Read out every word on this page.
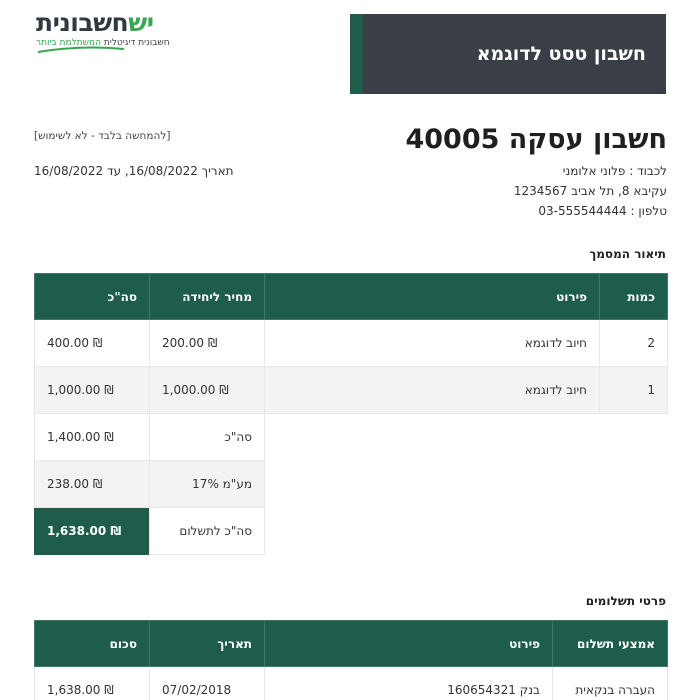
ישחשבונית
חשבונית דיגיטלית המשתלמת ביותר	חשבון טסט לדוגמא
חשבון עסקה 40005
לכבוד : פלוני אלומני
עקיבא 8, תל אביב 1234567
טלפון : 03-555544444
[להמחשה בלבד - לא לשימוש]
תאריך 16/08/2022, עד 16/08/2022
תיאור המסמך
כמות	פירוט	מחיר ליחידה	סה"כ
2	חיוב לדוגמא	₪ 200.00	₪ 400.00
1	חיוב לדוגמא	₪ 1,000.00	₪ 1,000.00
		סה"כ	₪ 1,400.00
		מע"מ 17%	₪ 238.00
		סה"כ לתשלום	₪ 1,638.00
פרטי תשלומים
אמצעי תשלום	פירוט	תאריך	סכום
העברה בנקאית	בנק 160654321	07/02/2018	₪ 1,638.00
